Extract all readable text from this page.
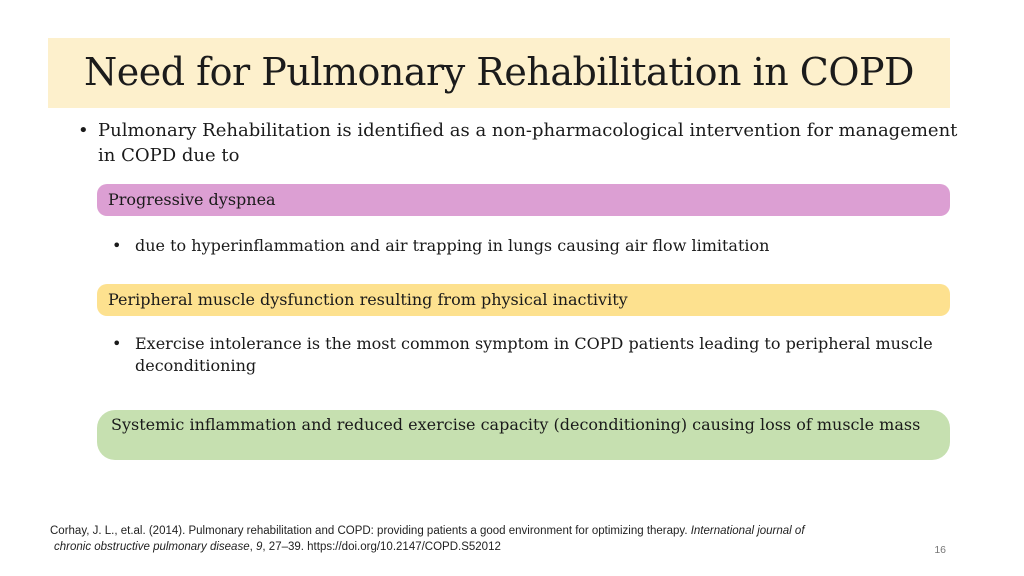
Need for Pulmonary Rehabilitation in COPD
• Pulmonary Rehabilitation is identified as a non-pharmacological intervention for management in COPD due to
Progressive dyspnea
• due to hyperinflammation and air trapping in lungs causing air flow limitation
Peripheral muscle dysfunction resulting from physical inactivity
• Exercise intolerance is the most common symptom in COPD patients leading to peripheral muscle deconditioning
Systemic inflammation and reduced exercise capacity (deconditioning) causing loss of muscle mass
Corhay, J. L., et.al. (2014). Pulmonary rehabilitation and COPD: providing patients a good environment for optimizing therapy. International journal of
chronic obstructive pulmonary disease, 9, 27–39. https://doi.org/10.2147/COPD.S52012	16
